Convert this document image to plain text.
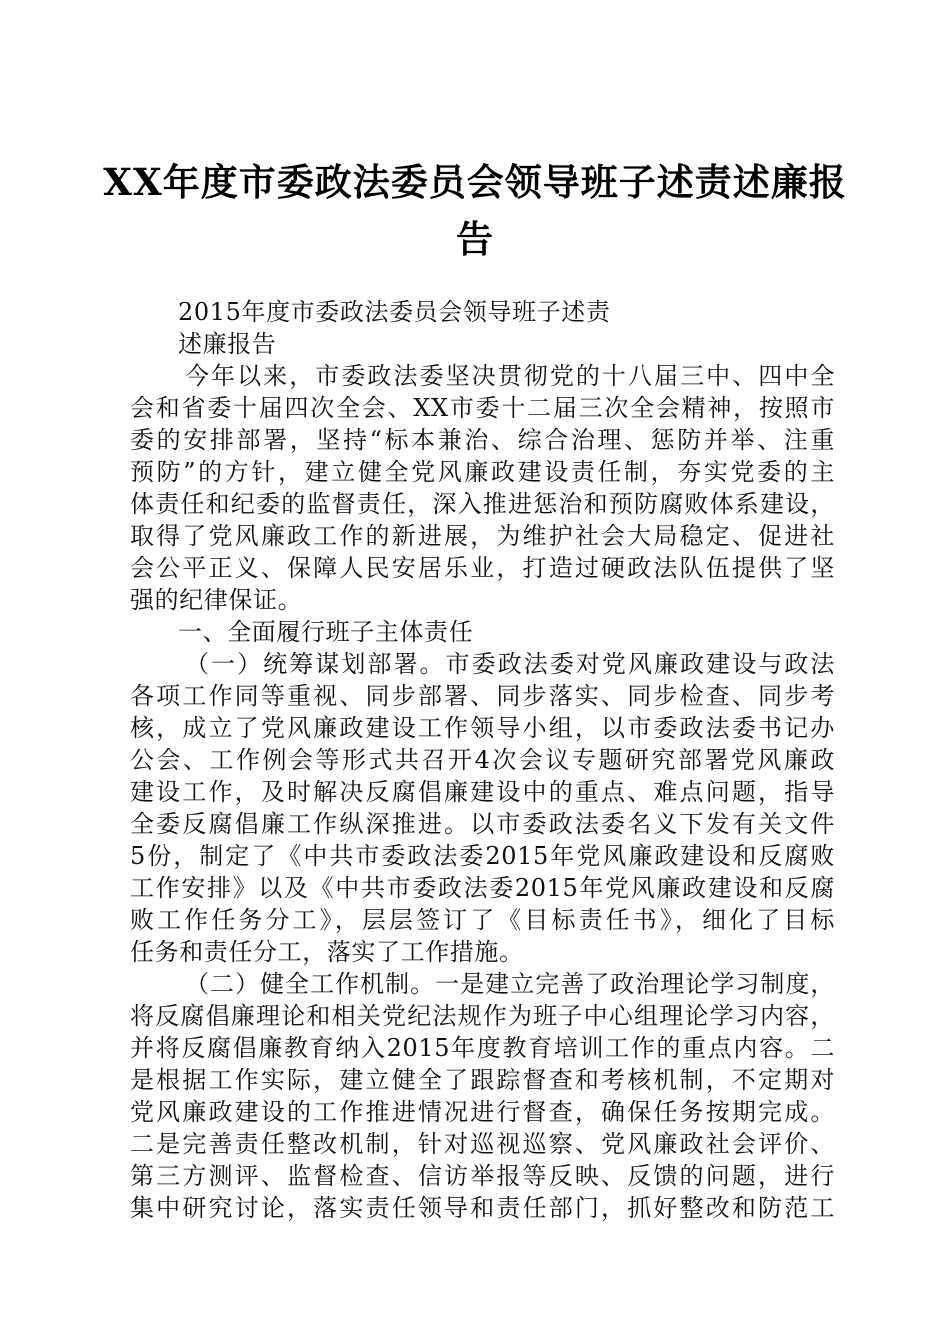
XX年度市委政法委员会领导班子述责述廉报
告
2015年度市委政法委员会领导班子述责
述廉报告
今年以来，市委政法委坚决贯彻党的十八届三中、四中全
会和省委十届四次全会、XX市委十二届三次全会精神，按照市
委的安排部署，坚持“标本兼治、综合治理、惩防并举、注重
预防”的方针，建立健全党风廉政建设责任制，夯实党委的主
体责任和纪委的监督责任，深入推进惩治和预防腐败体系建设，
取得了党风廉政工作的新进展，为维护社会大局稳定、促进社
会公平正义、保障人民安居乐业，打造过硬政法队伍提供了坚
强的纪律保证。
一、全面履行班子主体责任
（一）统筹谋划部署。市委政法委对党风廉政建设与政法
各项工作同等重视、同步部署、同步落实、同步检查、同步考
核，成立了党风廉政建设工作领导小组，以市委政法委书记办
公会、工作例会等形式共召开4次会议专题研究部署党风廉政
建设工作，及时解决反腐倡廉建设中的重点、难点问题，指导
全委反腐倡廉工作纵深推进。以市委政法委名义下发有关文件
5份，制定了《中共市委政法委2015年党风廉政建设和反腐败
工作安排》以及《中共市委政法委2015年党风廉政建设和反腐
败工作任务分工》，层层签订了《目标责任书》，细化了目标
任务和责任分工，落实了工作措施。
（二）健全工作机制。一是建立完善了政治理论学习制度，
将反腐倡廉理论和相关党纪法规作为班子中心组理论学习内容，
并将反腐倡廉教育纳入2015年度教育培训工作的重点内容。二
是根据工作实际，建立健全了跟踪督查和考核机制，不定期对
党风廉政建设的工作推进情况进行督查，确保任务按期完成。
二是完善责任整改机制，针对巡视巡察、党风廉政社会评价、
第三方测评、监督检查、信访举报等反映、反馈的问题，进行
集中研究讨论，落实责任领导和责任部门，抓好整改和防范工
